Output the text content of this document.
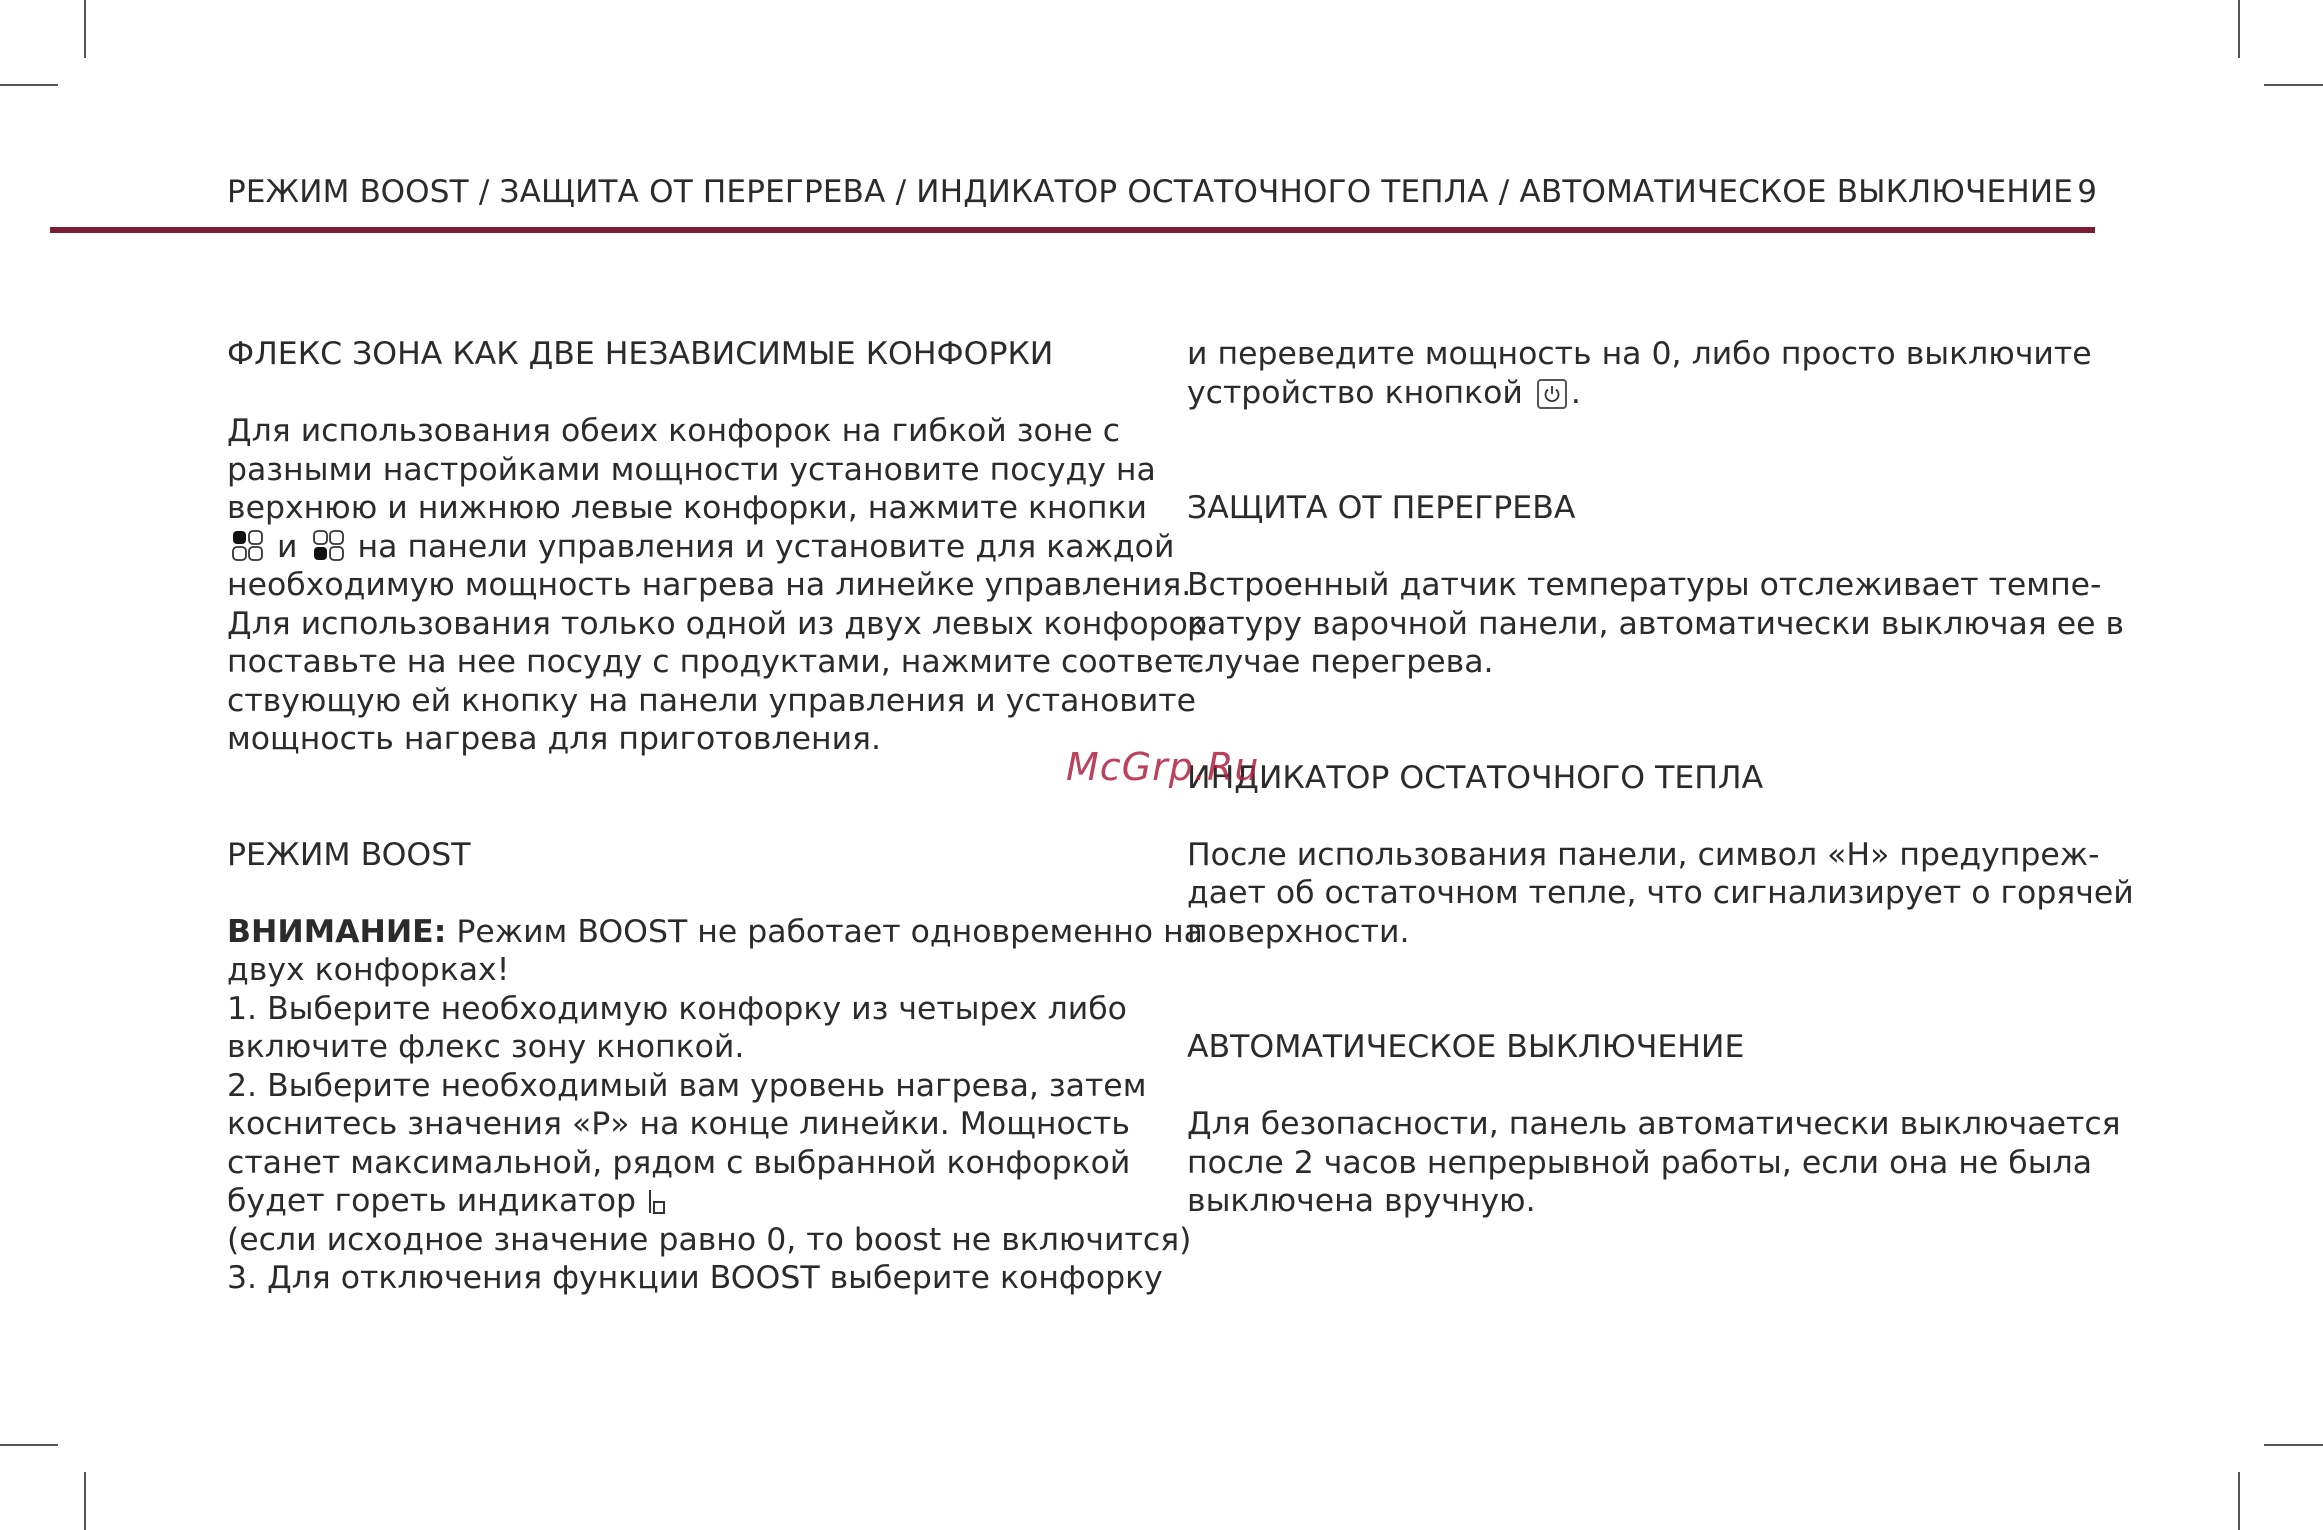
РЕЖИМ BOOST / ЗАЩИТА ОТ ПЕРЕГРЕВА / ИНДИКАТОР ОСТАТОЧНОГО ТЕПЛА / АВТОМАТИЧЕСКОЕ ВЫКЛЮЧЕНИЕ 9
ФЛЕКС ЗОНА КАК ДВЕ НЕЗАВИСИМЫЕ КОНФОРКИ
Для использования обеих конфорок на гибкой зоне с
разными настройками мощности установите посуду на
верхнюю и нижнюю левые конфорки, нажмите кнопки
и на панели управления и установите для каждой
необходимую мощность нагрева на линейке управления.
Для использования только одной из двух левых конфорок
поставьте на нее посуду с продуктами, нажмите соответ-
ствующую ей кнопку на панели управления и установите
мощность нагрева для приготовления.
РЕЖИМ BOOST
ВНИМАНИЕ: Режим BOOST не работает одновременно на
двух конфорках!
1. Выберите необходимую конфорку из четырех либо
включите флекс зону кнопкой.
2. Выберите необходимый вам уровень нагрева, затем
коснитесь значения «Р» на конце линейки. Мощность
станет максимальной, рядом с выбранной конфоркой
будет гореть индикатор
(если исходное значение равно 0, то boost не включится)
3. Для отключения функции BOOST выберите конфорку
и переведите мощность на 0, либо просто выключите
устройство кнопкой .
ЗАЩИТА ОТ ПЕРЕГРЕВА
Встроенный датчик температуры отслеживает темпе-
ратуру варочной панели, автоматически выключая ее в
случае перегрева.
ИНДИКАТОР ОСТАТОЧНОГО ТЕПЛА
После использования панели, символ «Н» предупреж-
дает об остаточном тепле, что сигнализирует о горячей
поверхности.
АВТОМАТИЧЕСКОЕ ВЫКЛЮЧЕНИЕ
Для безопасности, панель автоматически выключается
после 2 часов непрерывной работы, если она не была
выключена вручную.
McGrp.Ru
